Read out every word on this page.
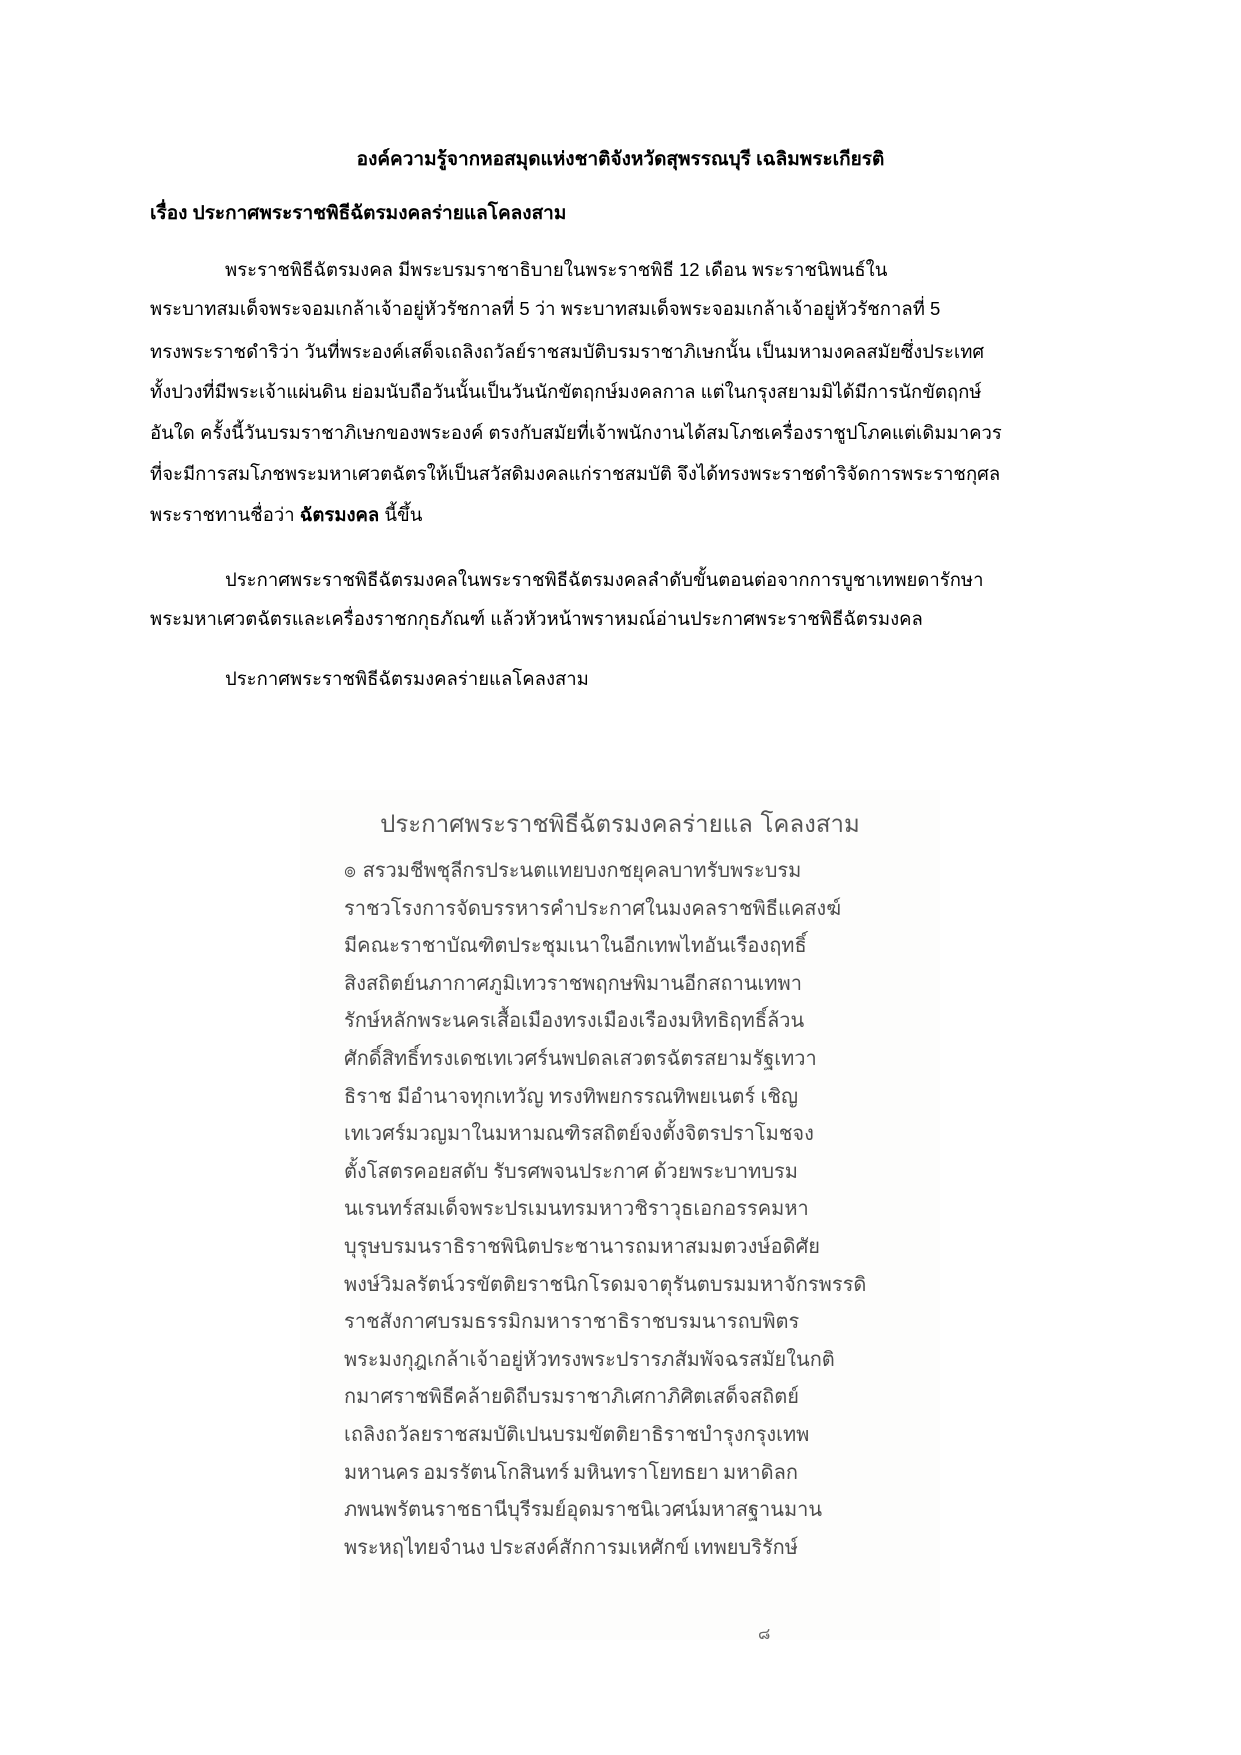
องค์ความรู้จากหอสมุดแห่งชาติจังหวัดสุพรรณบุรี เฉลิมพระเกียรติ
เรื่อง ประกาศพระราชพิธีฉัตรมงคลร่ายแลโคลงสาม
พระราชพิธีฉัตรมงคล มีพระบรมราชาธิบายในพระราชพิธี 12 เดือน พระราชนิพนธ์ใน
พระบาทสมเด็จพระจอมเกล้าเจ้าอยู่หัวรัชกาลที่ 5 ว่า พระบาทสมเด็จพระจอมเกล้าเจ้าอยู่หัวรัชกาลที่ 5
ทรงพระราชดำริว่า วันที่พระองค์เสด็จเถลิงถวัลย์ราชสมบัติบรมราชาภิเษกนั้น เป็นมหามงคลสมัยซึ่งประเทศ
ทั้งปวงที่มีพระเจ้าแผ่นดิน ย่อมนับถือวันนั้นเป็นวันนักขัตฤกษ์มงคลกาล แต่ในกรุงสยามมิได้มีการนักขัตฤกษ์
อันใด ครั้งนี้วันบรมราชาภิเษกของพระองค์ ตรงกับสมัยที่เจ้าพนักงานได้สมโภชเครื่องราชูปโภคแต่เดิมมาควร
ที่จะมีการสมโภชพระมหาเศวตฉัตรให้เป็นสวัสดิมงคลแก่ราชสมบัติ จึงได้ทรงพระราชดำริจัดการพระราชกุศล
พระราชทานชื่อว่า ฉัตรมงคล นี้ขึ้น
ประกาศพระราชพิธีฉัตรมงคลในพระราชพิธีฉัตรมงคลลำดับขั้นตอนต่อจากการบูชาเทพยดารักษา
พระมหาเศวตฉัตรและเครื่องราชกกุธภัณฑ์ แล้วหัวหน้าพราหมณ์อ่านประกาศพระราชพิธีฉัตรมงคล
ประกาศพระราชพิธีฉัตรมงคลร่ายแลโคลงสาม
ประกาศพระราชพิธีฉัตรมงคลร่ายแล โคลงสาม
๏ สรวมชีพชุลีกรประนต แทยบงกชยุคลบาท รับพระบรม
ราชวโรงการ จัดบรรหารคำประกาศ ในมงคลราชพิธี แคสงฆ์
มีคณะราชา บัณฑิตประชุมเนาใน อีกเทพไทอันเรืองฤทธิ์
สิงสถิตย์นภากาศ ภูมิเทวราชพฤกษพิมาน อีกสถานเทพา
รักษ์ หลักพระนครเสื้อเมือง ทรงเมืองเรืองมหิทธิฤทธิ์ ล้วน
ศักดิ์สิทธิ์ทรงเดช เทเวศร์นพปดลเสวตรฉัตร สยามรัฐเทวา
ธิราช มีอำนาจทุกเทวัญ ทรงทิพยกรรณทิพยเนตร์ เชิญ
เทเวศร์มวญมา ในมหามณฑิรสถิตย์ จงตั้งจิตรปราโมช จง
ตั้งโสตรคอยสดับ รับรศพจนประกาศ ด้วยพระบาทบรม
นเรนทร์ สมเด็จพระปรเมนทรมหาวชิราวุธ เอกอรรคมหา
บุรุษบรมนราธิราช พินิตประชานารถมหาสมมตวงษ์ อดิศัย
พงษ์วิมลรัตน์ วรขัตติยราชนิกโรดม จาตุรันตบรมมหาจักรพรรดิ
ราชสังกาศ บรมธรรมิกมหาราชาธิราช บรมนารถบพิตร
พระมงกุฎเกล้าเจ้าอยู่หัว ทรงพระปรารภสัมพัจฉรสมัย ในกติ
กมาศราชพิธี คล้ายดิถีบรมราชาภิเศกาภิศิต เสด็จสถิตย์
เถลิงถวัลยราชสมบัติ เปนบรมขัตติยาธิราชบำรุง กรุงเทพ
มหานคร อมรรัตนโกสินทร์ มหินทราโยทธยา มหาดิลก
ภพ นพรัตนราชธานีบุรีรมย์ อุดมราชนิเวศน์มหาสฐาน มาน
พระหฤไทยจำนง ประสงค์สักการมเหศักข์ เทพยบริรักษ์
๘
